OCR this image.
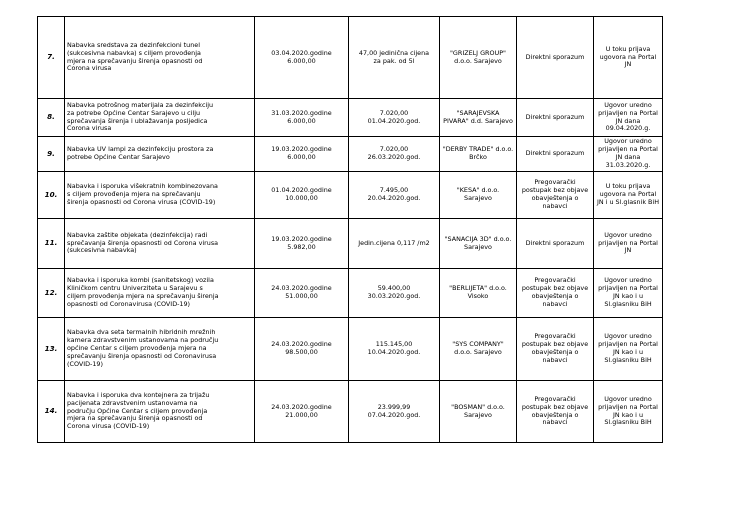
7.	Nabavka sredstava za dezinfekcioni tunel
(sukcesivna nabavka) s ciljem provođenja
mjera na sprečavanju širenja opasnosti od
Corona virusa	03.04.2020.godine
6.000,00	47,00 jedinična cijena
za pak. od 5l	"GRIZELJ GROUP"
d.o.o. Sarajevo	Direktni sporazum	U toku prijava
ugovora na Portal
JN

8.	Nabavka potrošnog materijala za dezinfekciju
za potrebe Općine Centar Sarajevo u cilju
sprečavanja širenja i ublažavanja posljedica
Corona virusa	31.03.2020.godine
6.000,00	7.020,00
01.04.2020.god.	"SARAJEVSKA
PIVARA" d.d. Sarajevo	Direktni sporazum	Ugovor uredno
prijavljen na Portal
JN dana
09.04.2020.g.

9.	Nabavka UV lampi za dezinfekciju prostora za
potrebe Općine Centar Sarajevo	19.03.2020.godine
6.000,00	7.020,00
26.03.2020.god.	"DERBY TRADE" d.o.o.
Brčko	Direktni sporazum	Ugovor uredno
prijavljen na Portal
JN dana
31.03.2020.g.

10.	Nabavka i isporuka višekratnih kombinezovana
s ciljem provođenja mjera na sprečavanju
širenja opasnosti od Corona virusa (COVID-19)	01.04.2020.godine
10.000,00	7.495,00
20.04.2020.god.	"KESA" d.o.o.
Sarajevo	Pregovarački
postupak bez objave
obavještenja o
nabavci	U toku prijava
ugovora na Portal
JN i u Sl.glasnik BiH

11.	Nabavka zaštite objekata (dezinfekcija) radi
sprečavanja širenja opasnosti od Corona virusa
(sukcesivna nabavka)	19.03.2020.godine
5.982,00	Jedin.cijena 0,117 /m2	"SANACIJA 3D" d.o.o.
Sarajevo	Direktni sporazum	Ugovor uredno
prijavljen na Portal
JN

12.	Nabavka i isporuka kombi (sanitetskog) vozila
Kliničkom centru Univerziteta u Sarajevu s
ciljem provođenja mjera na sprečavanju širenja
opasnosti od Coronavirusa (COVID-19)	24.03.2020.godine
51.000,00	59.400,00
30.03.2020.god.	"BERLIJETA" d.o.o.
Visoko	Pregovarački
postupak bez objave
obavještenja o
nabavci	Ugovor uredno
prijavljen na Portal
JN kao i u
Sl.glasniku BiH

13.	Nabavka dva seta termalnih hibridnih mrežnih
kamera zdravstvenim ustanovama na području
općine Centar s ciljem provođenja mjera na
sprečavanju širenja opasnosti od Coronavirusa
(COVID-19)	24.03.2020.godine
98.500,00	115.145,00
10.04.2020.god.	"SYS COMPANY"
d.o.o. Sarajevo	Pregovarački
postupak bez objave
obavještenja o
nabavci	Ugovor uredno
prijavljen na Portal
JN kao i u
Sl.glasniku BiH

14.	Nabavka i isporuka dva kontejnera za trijažu
pacijenata zdravstvenim ustanovama na
području Općine Centar s ciljem provođenja
mjera na sprečavanju širenja opasnosti od
Corona virusa (COVID-19)	24.03.2020.godine
21.000,00	23.999,99
07.04.2020.god.	"BOSMAN" d.o.o.
Sarajevo	Pregovarački
postupak bez objave
obavještenja o
nabavci	Ugovor uredno
prijavljen na Portal
JN kao i u
Sl.glasniku BiH
